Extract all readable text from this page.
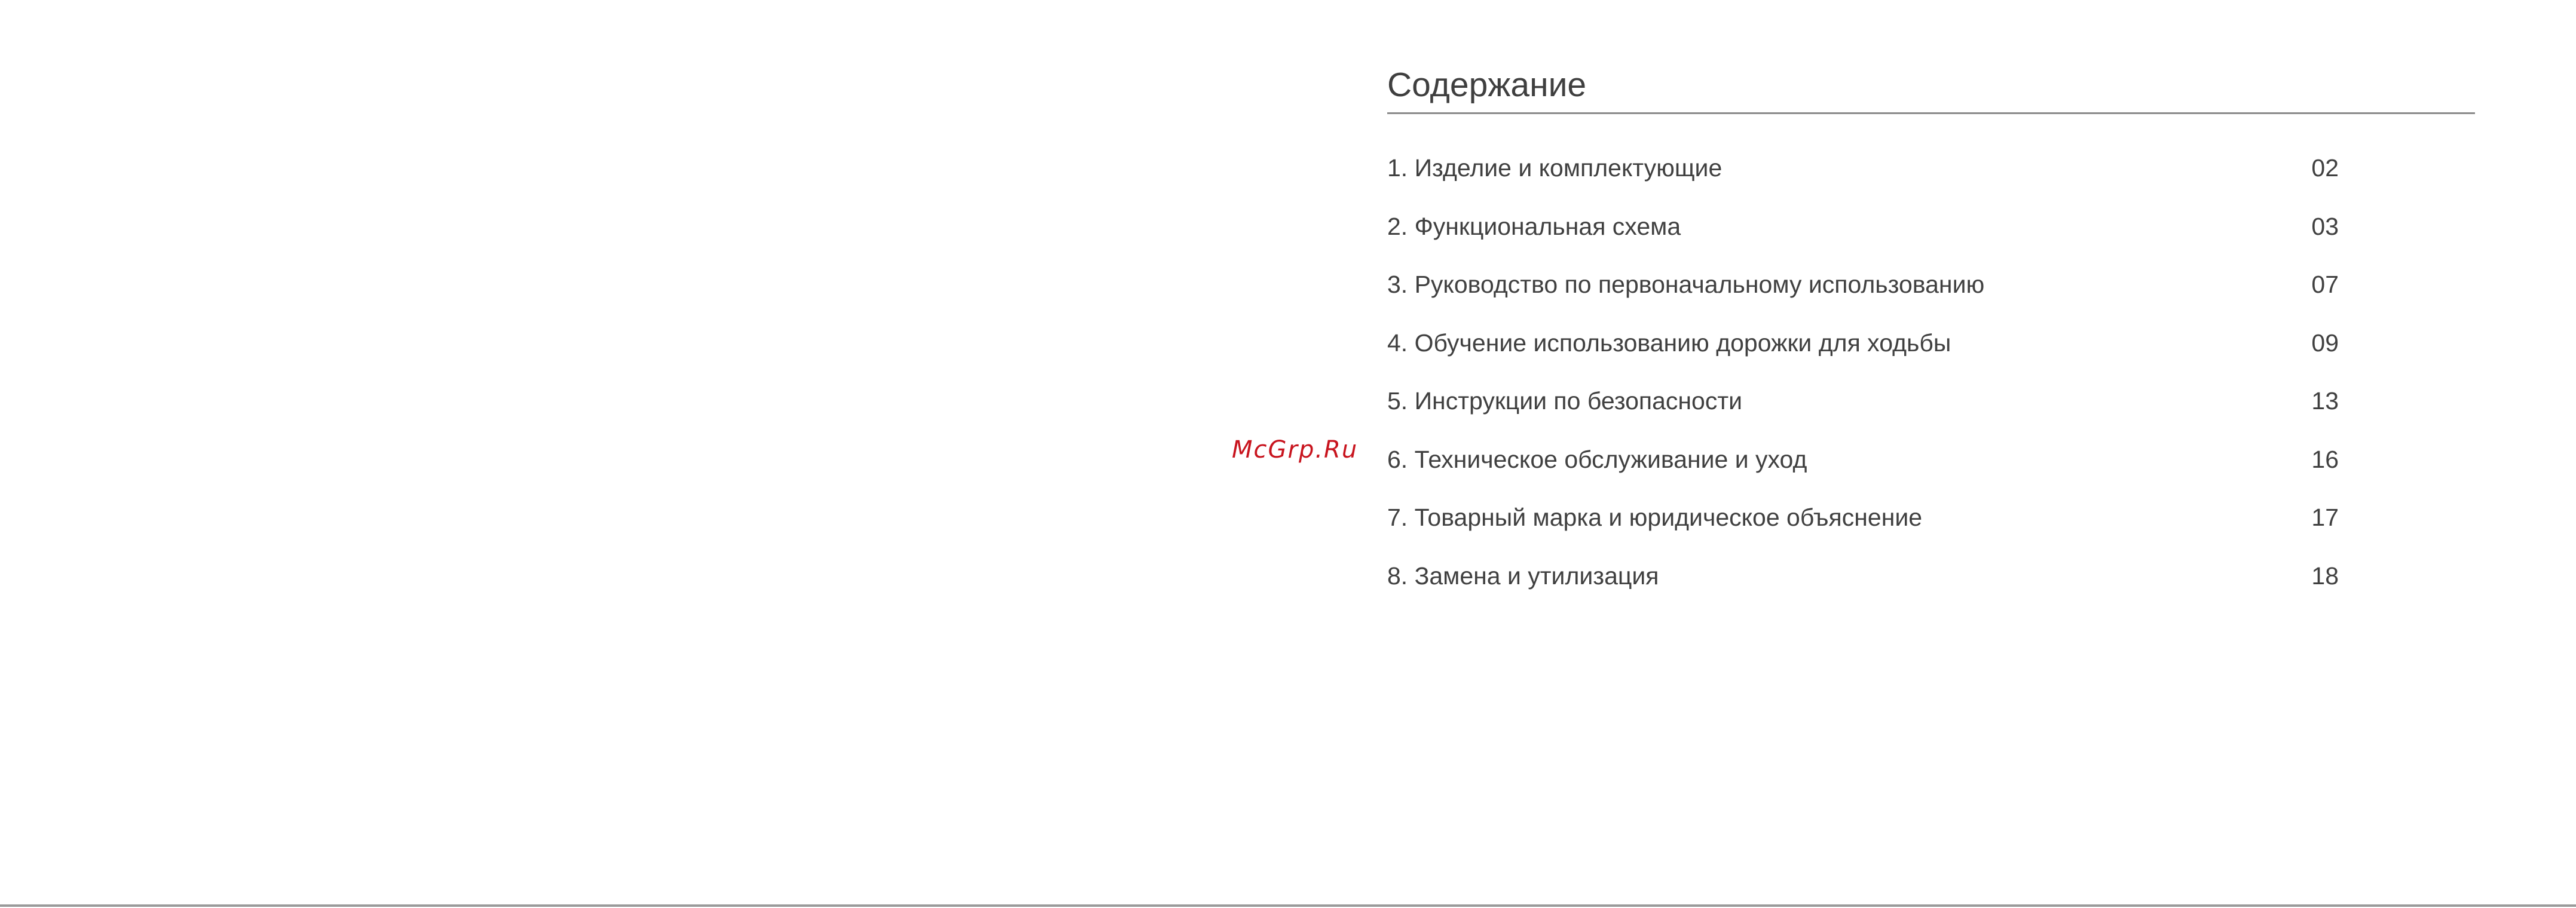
McGrp.Ru
Содержание
1. Изделие и комплектующие	02
2. Функциональная схема	03
3. Руководство по первоначальному использованию	07
4. Обучение использованию дорожки для ходьбы	09
5. Инструкции по безопасности	13
6. Техническое обслуживание и уход	16
7. Товарный марка и юридическое объяснение	17
8. Замена и утилизация	18
